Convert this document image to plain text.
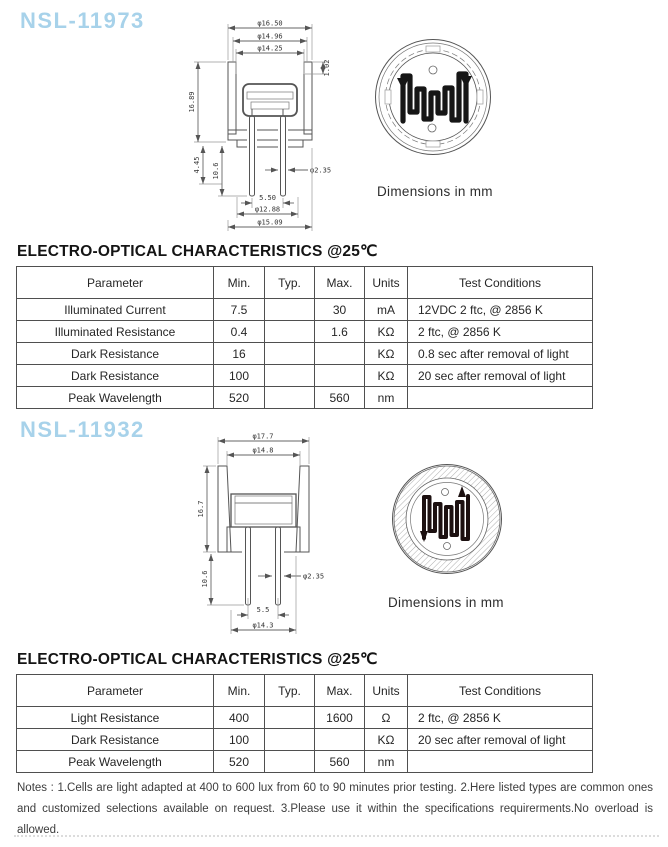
NSL-11973	φ16.50
φ14.96
φ14.25
1.02
16.89
4.45 10.6	φ2.35
5.50
φ12.88
φ15.09
Dimensions in mm
ELECTRO-OPTICAL CHARACTERISTICS @25℃
Parameter	Min.	Typ.	Max.	Units	Test Conditions
Illuminated Current	7.5		30	mA	12VDC 2 ftc, @ 2856 K
Illuminated Resistance	0.4		1.6	KΩ	2 ftc, @ 2856 K
Dark Resistance	16			KΩ	0.8 sec after removal of light
Dark Resistance	100			KΩ	20 sec after removal of light
Peak Wavelength	520		560	nm	
NSL-11932	φ17.7
φ14.8
16.7
10.6	φ2.35
5.5
φ14.3
Dimensions in mm
ELECTRO-OPTICAL CHARACTERISTICS @25℃
Parameter	Min.	Typ.	Max.	Units	Test Conditions
Light Resistance	400		1600	Ω	2 ftc, @ 2856 K
Dark Resistance	100			KΩ	20 sec after removal of light
Peak Wavelength	520		560	nm	
Notes : 1.Cells are light adapted at 400 to 600 lux from 60 to 90 minutes prior testing. 2.Here listed types are common ones and customized selections available on request. 3.Please use it within the specifications requirerments.No overload is allowed.
